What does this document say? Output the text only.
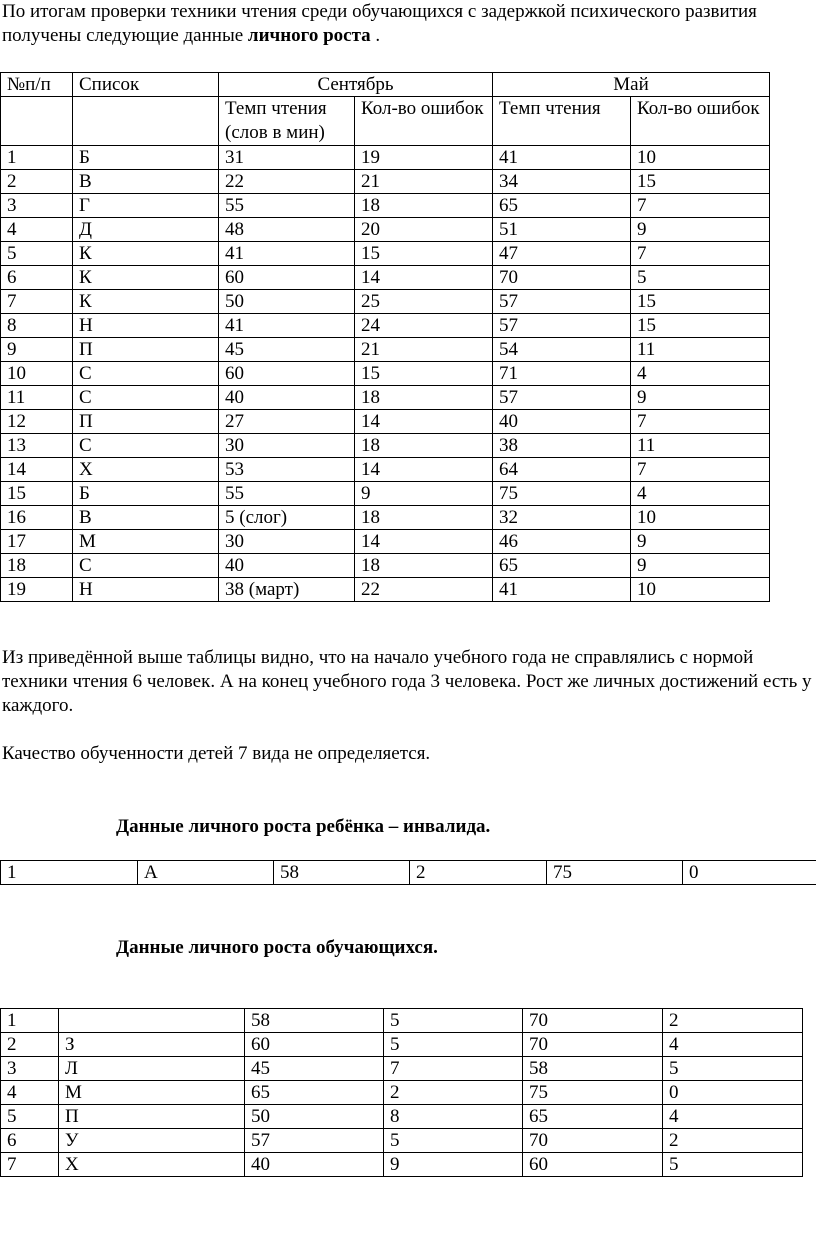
По итогам проверки техники чтения среди обучающихся с задержкой психического развития получены следующие данные личного роста .
№п/п	Список	Сентябрь		Май	
		Темп чтения (слов в мин)	Кол-во ошибок	Темп чтения	Кол-во ошибок
1	Б	31	19	41	10
2	В	22	21	34	15
3	Г	55	18	65	7
4	Д	48	20	51	9
5	К	41	15	47	7
6	К	60	14	70	5
7	К	50	25	57	15
8	Н	41	24	57	15
9	П	45	21	54	11
10	С	60	15	71	4
11	С	40	18	57	9
12	П	27	14	40	7
13	С	30	18	38	11
14	Х	53	14	64	7
15	Б	55	9	75	4
16	В	5 (слог)	18	32	10
17	М	30	14	46	9
18	С	40	18	65	9
19	Н	38 (март)	22	41	10
Из приведённой выше таблицы видно, что на начало учебного года не справлялись с нормой техники чтения 6 человек. А на конец учебного года 3 человека. Рост же личных достижений есть у каждого.
Качество обученности детей 7 вида не определяется.
Данные личного роста ребёнка – инвалида.
1	А	58	2	75	0
Данные личного роста обучающихся.
1		58	5	70	2
2	З	60	5	70	4
3	Л	45	7	58	5
4	М	65	2	75	0
5	П	50	8	65	4
6	У	57	5	70	2
7	Х	40	9	60	5
